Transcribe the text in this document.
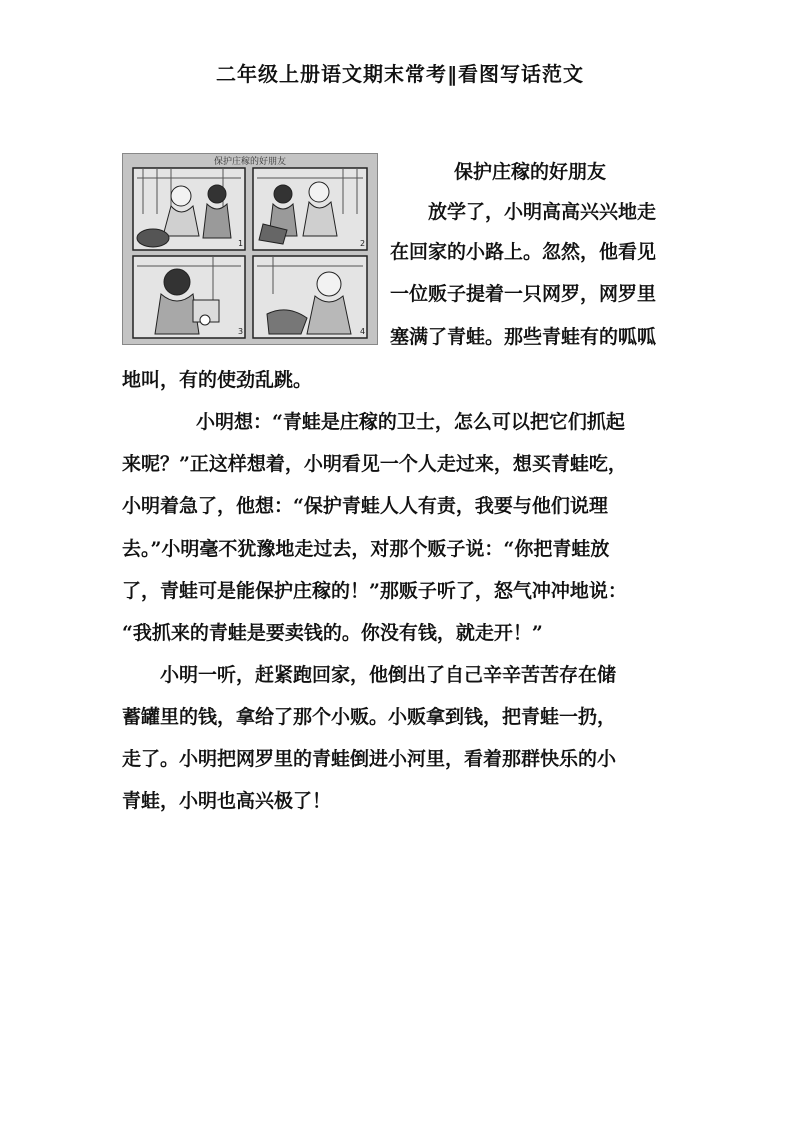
二年级上册语文期末常考‖看图写话范文
保护庄稼的好朋友
1	2
3	4
保护庄稼的好朋友
放学了，小明高高兴兴地走
在回家的小路上。忽然，他看见
一位贩子提着一只网罗，网罗里
塞满了青蛙。那些青蛙有的呱呱
地叫，有的使劲乱跳。
小明想：“青蛙是庄稼的卫士，怎么可以把它们抓起
来呢？”正这样想着，小明看见一个人走过来，想买青蛙吃，
小明着急了，他想：“保护青蛙人人有责，我要与他们说理
去。”小明毫不犹豫地走过去，对那个贩子说：“你把青蛙放
了，青蛙可是能保护庄稼的！”那贩子听了，怒气冲冲地说：
“我抓来的青蛙是要卖钱的。你没有钱，就走开！”
小明一听，赶紧跑回家，他倒出了自己辛辛苦苦存在储
蓄罐里的钱，拿给了那个小贩。小贩拿到钱，把青蛙一扔，
走了。小明把网罗里的青蛙倒进小河里，看着那群快乐的小
青蛙，小明也高兴极了！
